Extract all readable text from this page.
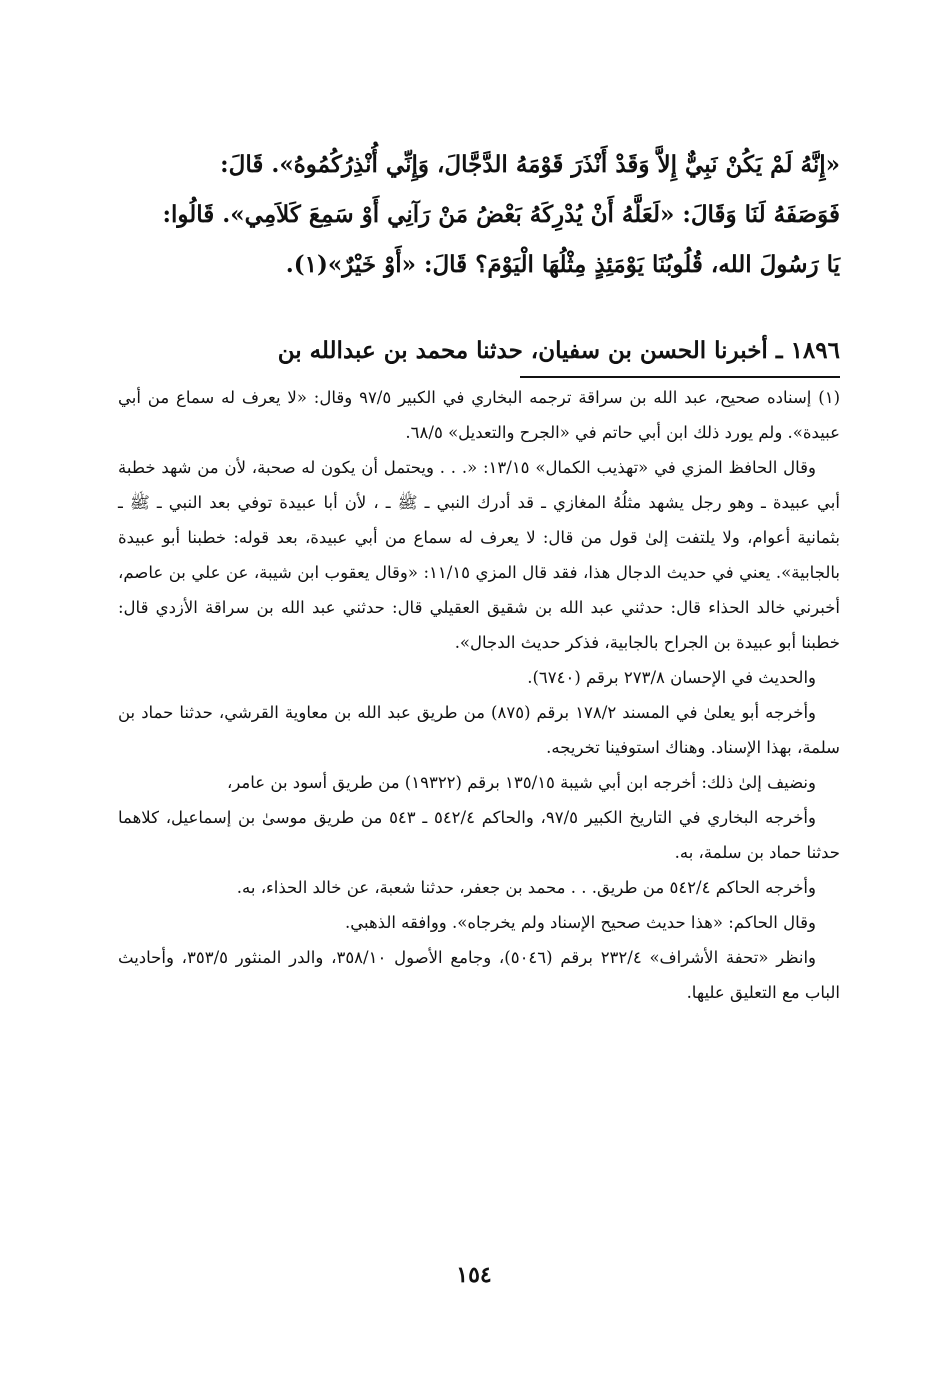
«إِنَّهُ لَمْ يَكُنْ نَبِيٌّ إِلاَّ وَقَدْ أَنْذَرَ قَوْمَهُ الدَّجَّالَ، وَإِنِّي أُنْذِرُكُمُوهُ». قَالَ:

فَوَصَفَهُ لَنَا وَقَالَ: «لَعَلَّهُ أَنْ يُدْرِكَهُ بَعْضُ مَنْ رَآنِي أَوْ سَمِعَ كَلاَمِي». قَالُوا:

يَا رَسُولَ الله، قُلُوبُنَا يَوْمَئِذٍ مِثْلُهَا الْيَوْمَ؟ قَالَ: «أَوْ خَيْرٌ»(١).

١٨٩٦ ـ أخبرنا الحسن بن سفيان، حدثنا محمد بن عبدالله بن

(١) إسناده صحيح، عبد الله بن سراقة ترجمه البخاري في الكبير ٩٧/٥ وقال: «لا يعرف له سماع من أبي عبيدة». ولم يورد ذلك ابن أبي حاتم في «الجرح والتعديل» ٦٨/٥.

وقال الحافظ المزي في «تهذيب الكمال» ١٣/١٥: «. . . ويحتمل أن يكون له صحبة، لأن من شهد خطبة أبي عبيدة ـ وهو رجل يشهد مثلُهُ المغازي ـ قد أدرك النبي ـ ﷺ ـ ، لأن أبا عبيدة توفي بعد النبي ـ ﷺ ـ بثمانية أعوام، ولا يلتفت إلىٰ قول من قال: لا يعرف له سماع من أبي عبيدة، بعد قوله: خطبنا أبو عبيدة بالجابية». يعني في حديث الدجال هذا، فقد قال المزي ١١/١٥: «وقال يعقوب ابن شيبة، عن علي بن عاصم، أخبرني خالد الحذاء قال: حدثني عبد الله بن شقيق العقيلي قال: حدثني عبد الله بن سراقة الأزدي قال: خطبنا أبو عبيدة بن الجراح بالجابية، فذكر حديث الدجال».

والحديث في الإحسان ٢٧٣/٨ برقم (٦٧٤٠).

وأخرجه أبو يعلىٰ في المسند ١٧٨/٢ برقم (٨٧٥) من طريق عبد الله بن معاوية القرشي، حدثنا حماد بن سلمة، بهذا الإسناد. وهناك استوفينا تخريجه.

ونضيف إلىٰ ذلك: أخرجه ابن أبي شيبة ١٣٥/١٥ برقم (١٩٣٢٢) من طريق أسود بن عامر،

وأخرجه البخاري في التاريخ الكبير ٩٧/٥، والحاكم ٥٤٢/٤ ـ ٥٤٣ من طريق موسىٰ بن إسماعيل، كلاهما حدثنا حماد بن سلمة، به.

وأخرجه الحاكم ٥٤٢/٤ من طريق. . . محمد بن جعفر، حدثنا شعبة، عن خالد الحذاء، به.

وقال الحاكم: «هذا حديث صحيح الإسناد ولم يخرجاه». ووافقه الذهبي.

وانظر «تحفة الأشراف» ٢٣٢/٤ برقم (٥٠٤٦)، وجامع الأصول ٣٥٨/١٠، والدر المنثور ٣٥٣/٥، وأحاديث الباب مع التعليق عليها.

١٥٤
